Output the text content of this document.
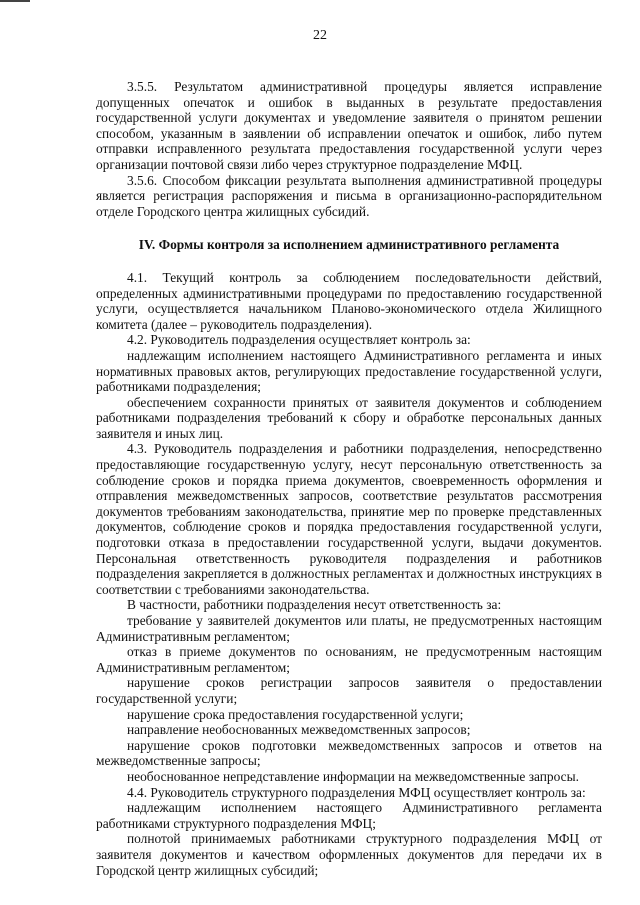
22

3.5.5. Результатом административной процедуры является исправление допущенных опечаток и ошибок в выданных в результате предоставления государственной услуги документах и уведомление заявителя о принятом решении способом, указанным в заявлении об исправлении опечаток и ошибок, либо путем отправки исправленного результата предоставления государственной услуги через организации почтовой связи либо через структурное подразделение МФЦ.

3.5.6. Способом фиксации результата выполнения административной процедуры является регистрация распоряжения и письма в организационно-распорядительном отделе Городского центра жилищных субсидий.

IV. Формы контроля за исполнением административного регламента

4.1. Текущий контроль за соблюдением последовательности действий, определенных административными процедурами по предоставлению государственной услуги, осуществляется начальником Планово-экономического отдела Жилищного комитета (далее – руководитель подразделения).

4.2. Руководитель подразделения осуществляет контроль за:

надлежащим исполнением настоящего Административного регламента и иных нормативных правовых актов, регулирующих предоставление государственной услуги, работниками подразделения;

обеспечением сохранности принятых от заявителя документов и соблюдением работниками подразделения требований к сбору и обработке персональных данных заявителя и иных лиц.

4.3. Руководитель подразделения и работники подразделения, непосредственно предоставляющие государственную услугу, несут персональную ответственность за соблюдение сроков и порядка приема документов, своевременность оформления и отправления межведомственных запросов, соответствие результатов рассмотрения документов требованиям законодательства, принятие мер по проверке представленных документов, соблюдение сроков и порядка предоставления государственной услуги, подготовки отказа в предоставлении государственной услуги, выдачи документов. Персональная ответственность руководителя подразделения и работников подразделения закрепляется в должностных регламентах и должностных инструкциях в соответствии с требованиями законодательства.

В частности, работники подразделения несут ответственность за:

требование у заявителей документов или платы, не предусмотренных настоящим Административным регламентом;

отказ в приеме документов по основаниям, не предусмотренным настоящим Административным регламентом;

нарушение сроков регистрации запросов заявителя о предоставлении государственной услуги;

нарушение срока предоставления государственной услуги;

направление необоснованных межведомственных запросов;

нарушение сроков подготовки межведомственных запросов и ответов на межведомственные запросы;

необоснованное непредставление информации на межведомственные запросы.

4.4. Руководитель структурного подразделения МФЦ осуществляет контроль за:

надлежащим исполнением настоящего Административного регламента работниками структурного подразделения МФЦ;

полнотой принимаемых работниками структурного подразделения МФЦ от заявителя документов и качеством оформленных документов для передачи их в Городской центр жилищных субсидий;
